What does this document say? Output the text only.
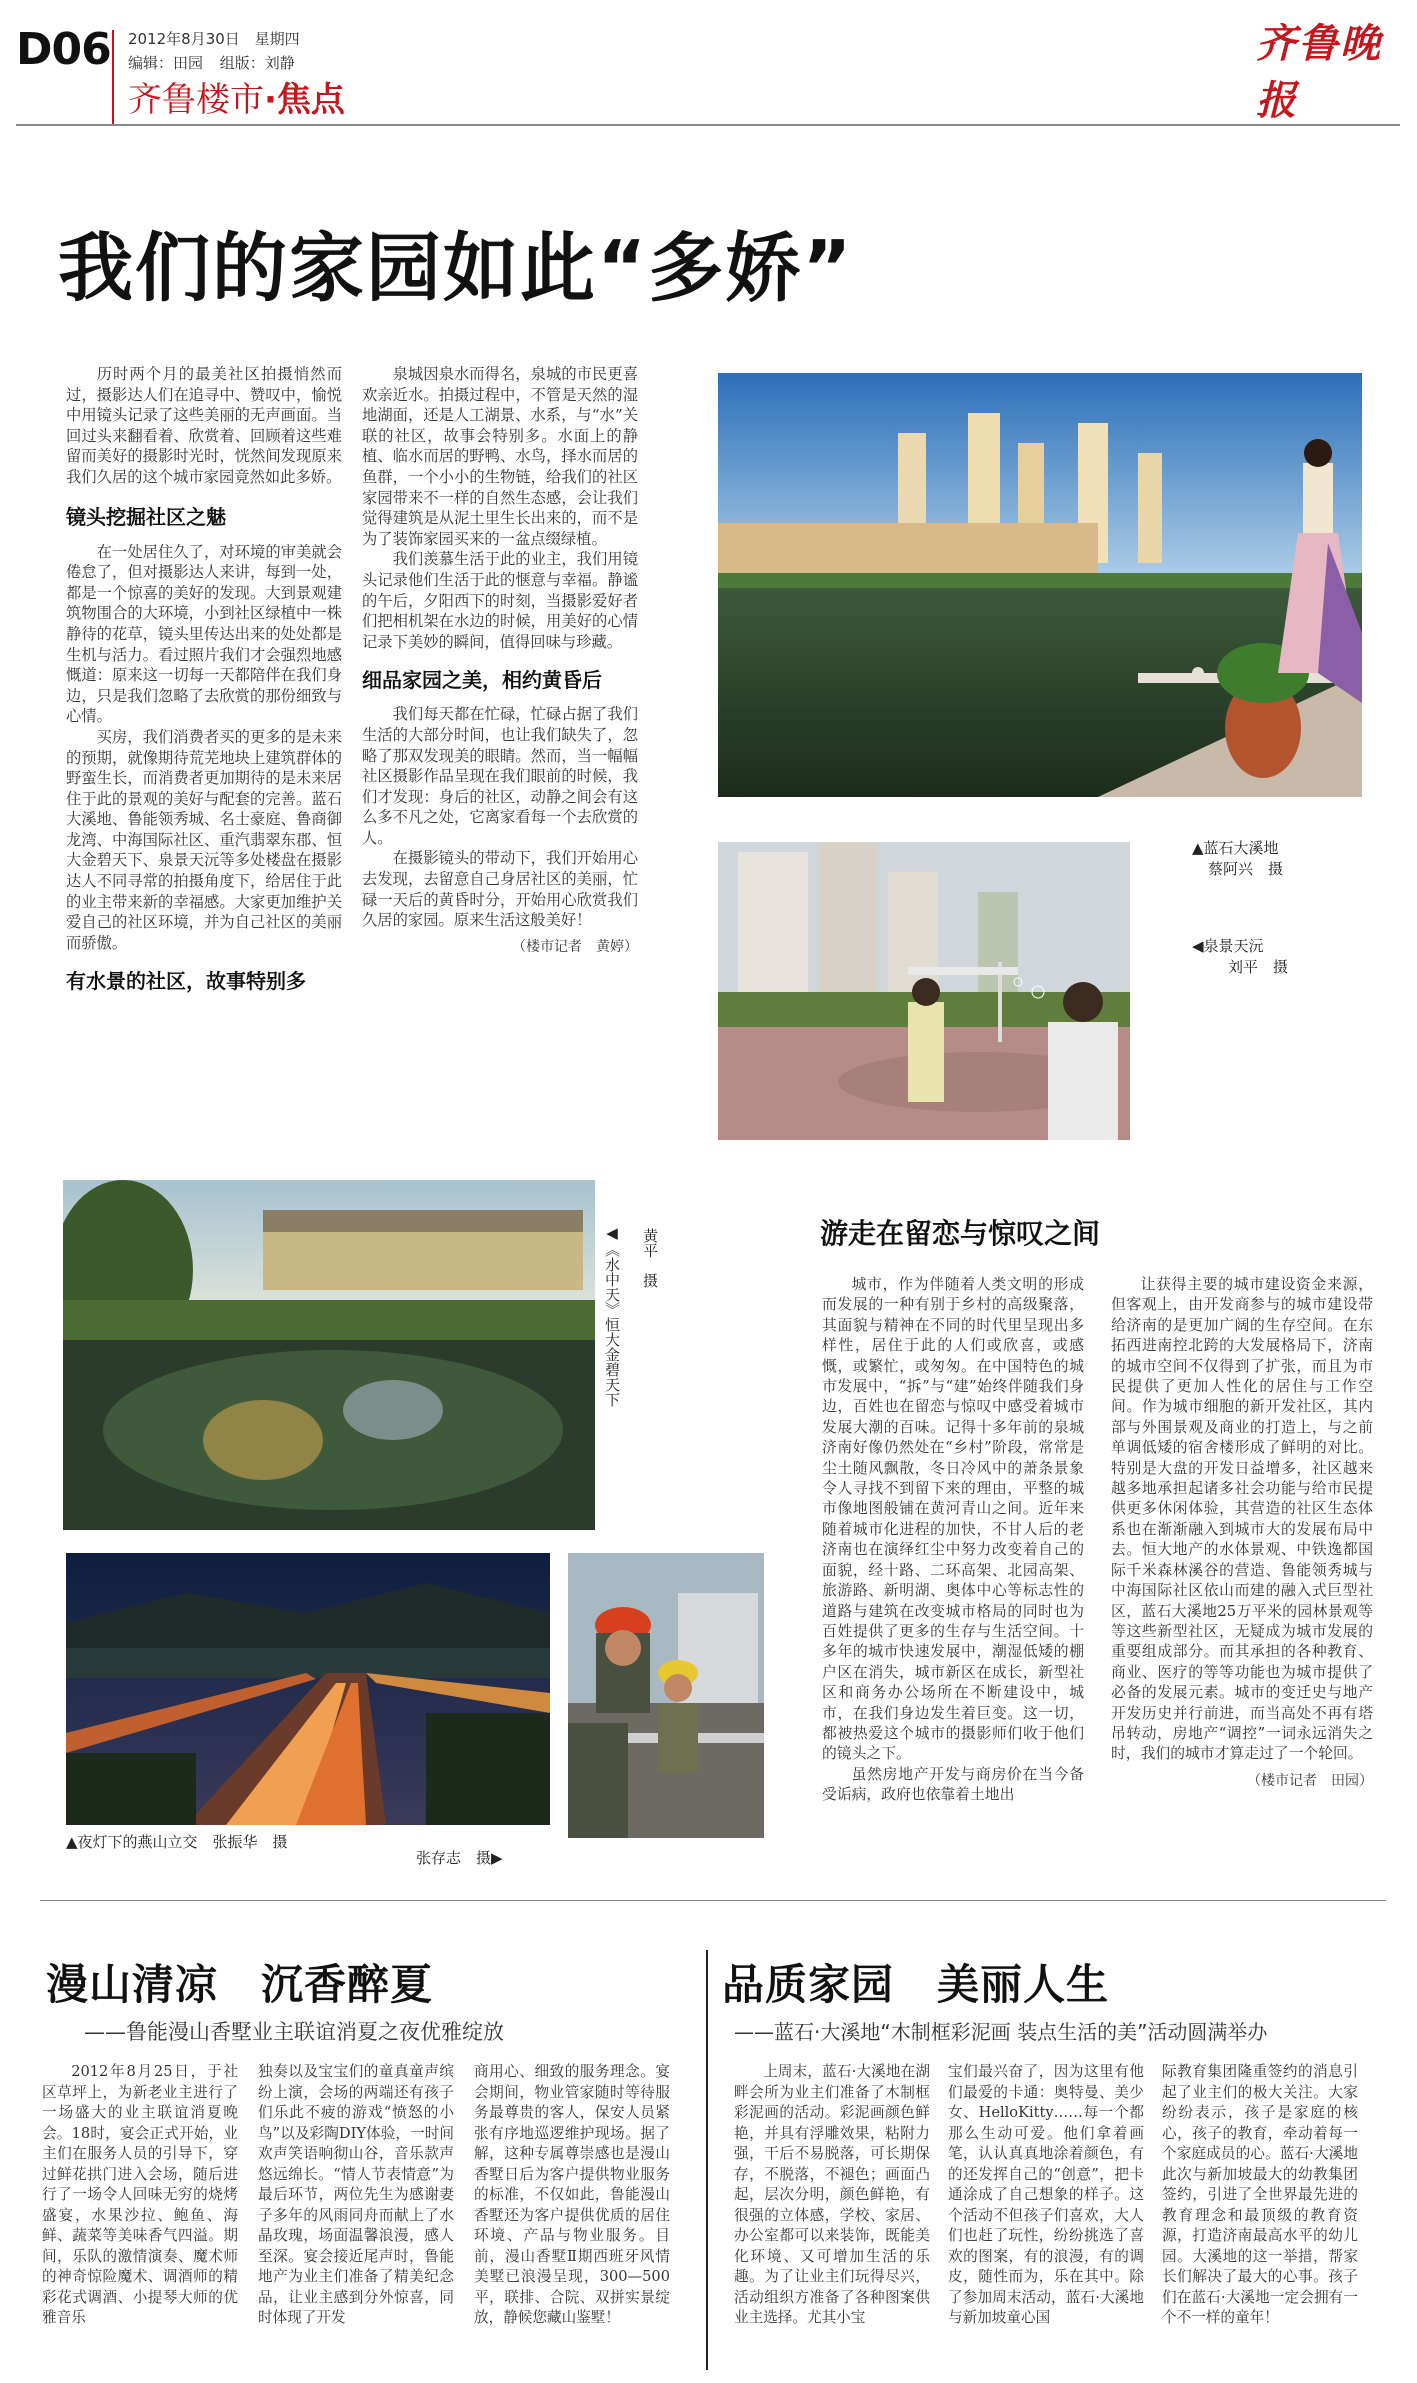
D06 2012年8月30日 星期四
编辑：田园 组版：刘静
齐鲁楼市·焦点
齐鲁晚报
我们的家园如此“多娇”

历时两个月的最美社区拍摄悄然而过，摄影达人们在追寻中、赞叹中，愉悦中用镜头记录了这些美丽的无声画面。当回过头来翻看着、欣赏着、回顾着这些难留而美好的摄影时光时，恍然间发现原来我们久居的这个城市家园竟然如此多娇。

镜头挖掘社区之魅

在一处居住久了，对环境的审美就会倦怠了，但对摄影达人来讲，每到一处，都是一个惊喜的美好的发现。大到景观建筑物围合的大环境，小到社区绿植中一株静待的花草，镜头里传达出来的处处都是生机与活力。看过照片我们才会强烈地感慨道：原来这一切每一天都陪伴在我们身边，只是我们忽略了去欣赏的那份细致与心情。

买房，我们消费者买的更多的是未来的预期，就像期待荒芜地块上建筑群体的野蛮生长，而消费者更加期待的是未来居住于此的景观的美好与配套的完善。蓝石大溪地、鲁能领秀城、名士豪庭、鲁商御龙湾、中海国际社区、重汽翡翠东郡、恒大金碧天下、泉景天沅等多处楼盘在摄影达人不同寻常的拍摄角度下，给居住于此的业主带来新的幸福感。大家更加维护关爱自己的社区环境，并为自己社区的美丽而骄傲。

有水景的社区，故事特别多

泉城因泉水而得名，泉城的市民更喜欢亲近水。拍摄过程中，不管是天然的湿地湖面，还是人工湖景、水系，与“水”关联的社区，故事会特别多。水面上的静植、临水而居的野鸭、水鸟，择水而居的鱼群，一个小小的生物链，给我们的社区家园带来不一样的自然生态感，会让我们觉得建筑是从泥土里生长出来的，而不是为了装饰家园买来的一盆点缀绿植。

我们羡慕生活于此的业主，我们用镜头记录他们生活于此的惬意与幸福。静谧的午后，夕阳西下的时刻，当摄影爱好者们把相机架在水边的时候，用美好的心情记录下美妙的瞬间，值得回味与珍藏。

细品家园之美，相约黄昏后

我们每天都在忙碌，忙碌占据了我们生活的大部分时间，也让我们缺失了，忽略了那双发现美的眼睛。然而，当一幅幅社区摄影作品呈现在我们眼前的时候，我们才发现：身后的社区，动静之间会有这么多不凡之处，它离家看每一个去欣赏的人。

在摄影镜头的带动下，我们开始用心去发现，去留意自己身居社区的美丽，忙碌一天后的黄昏时分，开始用心欣赏我们久居的家园。原来生活这般美好！

（楼市记者　黄婷）
▲蓝石大溪地
蔡阿兴　摄
◀泉景天沅
刘平　摄
◀《水中天》恒大金碧天下 黄平　摄
▲夜灯下的燕山立交　张振华　摄
张存志　摄▶
游走在留恋与惊叹之间

城市，作为伴随着人类文明的形成而发展的一种有别于乡村的高级聚落，其面貌与精神在不同的时代里呈现出多样性，居住于此的人们或欣喜，或感慨，或繁忙，或匆匆。在中国特色的城市发展中，“拆”与“建”始终伴随我们身边，百姓也在留恋与惊叹中感受着城市发展大潮的百味。记得十多年前的泉城济南好像仍然处在“乡村”阶段，常常是尘土随风飘散，冬日冷风中的萧条景象令人寻找不到留下来的理由，平整的城市像地图般铺在黄河青山之间。近年来随着城市化进程的加快，不甘人后的老济南也在演绎红尘中努力改变着自己的面貌，经十路、二环高架、北园高架、旅游路、新明湖、奥体中心等标志性的道路与建筑在改变城市格局的同时也为百姓提供了更多的生存与生活空间。十多年的城市快速发展中，潮湿低矮的棚户区在消失，城市新区在成长，新型社区和商务办公场所在不断建设中，城市，在我们身边发生着巨变。这一切，都被热爱这个城市的摄影师们收于他们的镜头之下。

虽然房地产开发与商房价在当今备受诟病，政府也依靠着土地出

让获得主要的城市建设资金来源，但客观上，由开发商参与的城市建设带给济南的是更加广阔的生存空间。在东拓西进南控北跨的大发展格局下，济南的城市空间不仅得到了扩张，而且为市民提供了更加人性化的居住与工作空间。作为城市细胞的新开发社区，其内部与外围景观及商业的打造上，与之前单调低矮的宿舍楼形成了鲜明的对比。特别是大盘的开发日益增多，社区越来越多地承担起诸多社会功能与给市民提供更多休闲体验，其营造的社区生态体系也在渐渐融入到城市大的发展布局中去。恒大地产的水体景观、中铁逸都国际千米森林溪谷的营造、鲁能领秀城与中海国际社区依山而建的融入式巨型社区，蓝石大溪地25万平米的园林景观等等这些新型社区，无疑成为城市发展的重要组成部分。而其承担的各种教育、商业、医疗的等等功能也为城市提供了必备的发展元素。城市的变迁史与地产开发历史并行前进，而当高处不再有塔吊转动，房地产“调控”一词永远消失之时，我们的城市才算走过了一个轮回。

（楼市记者　田园）
漫山清凉　沉香醉夏
——鲁能漫山香墅业主联谊消夏之夜优雅绽放

2012年8月25日，于社区草坪上，为新老业主进行了一场盛大的业主联谊消夏晚会。18时，宴会正式开始，业主们在服务人员的引导下，穿过鲜花拱门进入会场，随后进行了一场令人回味无穷的烧烤盛宴，水果沙拉、鲍鱼、海鲜、蔬菜等美味香气四溢。期间，乐队的激情演奏、魔术师的神奇惊险魔术、调酒师的精彩花式调酒、小提琴大师的优雅音乐

独奏以及宝宝们的童真童声缤纷上演，会场的两端还有孩子们乐此不疲的游戏“愤怒的小鸟”以及彩陶DIY体验，一时间欢声笑语响彻山谷，音乐款声悠远绵长。“情人节表情意”为最后环节，两位先生为感谢妻子多年的风雨同舟而献上了水晶玫瑰，场面温馨浪漫，感人至深。宴会接近尾声时，鲁能地产为业主们准备了精美纪念品，让业主感到分外惊喜，同时体现了开发

商用心、细致的服务理念。宴会期间，物业管家随时等待服务最尊贵的客人，保安人员紧张有序地巡逻维护现场。据了解，这种专属尊崇感也是漫山香墅日后为客户提供物业服务的标准，不仅如此，鲁能漫山香墅还为客户提供优质的居住环境、产品与物业服务。目前，漫山香墅Ⅱ期西班牙风情美墅已浪漫呈现，300—500平，联排、合院、双拼实景绽放，静候您藏山鉴墅！

品质家园　美丽人生
——蓝石·大溪地“木制框彩泥画 装点生活的美”活动圆满举办

上周末，蓝石·大溪地在湖畔会所为业主们准备了木制框彩泥画的活动。彩泥画颜色鲜艳，并具有浮雕效果，粘附力强，干后不易脱落，可长期保存，不脱落，不褪色；画面凸起，层次分明，颜色鲜艳，有很强的立体感，学校、家居、办公室都可以来装饰，既能美化环境、又可增加生活的乐趣。为了让业主们玩得尽兴，活动组织方准备了各种图案供业主选择。尤其小宝

宝们最兴奋了，因为这里有他们最爱的卡通：奥特曼、美少女、HelloKitty……每一个都那么生动可爱。他们拿着画笔，认认真真地涂着颜色，有的还发挥自己的“创意”，把卡通涂成了自己想象的样子。这个活动不但孩子们喜欢，大人们也赶了玩性，纷纷挑选了喜欢的图案，有的浪漫，有的调皮，随性而为，乐在其中。除了参加周末活动，蓝石·大溪地与新加坡童心国

际教育集团隆重签约的消息引起了业主们的极大关注。大家纷纷表示，孩子是家庭的核心，孩子的教育，牵动着每一个家庭成员的心。蓝石·大溪地此次与新加坡最大的幼教集团签约，引进了全世界最先进的教育理念和最顶级的教育资源，打造济南最高水平的幼儿园。大溪地的这一举措，帮家长们解决了最大的心事。孩子们在蓝石·大溪地一定会拥有一个不一样的童年！
